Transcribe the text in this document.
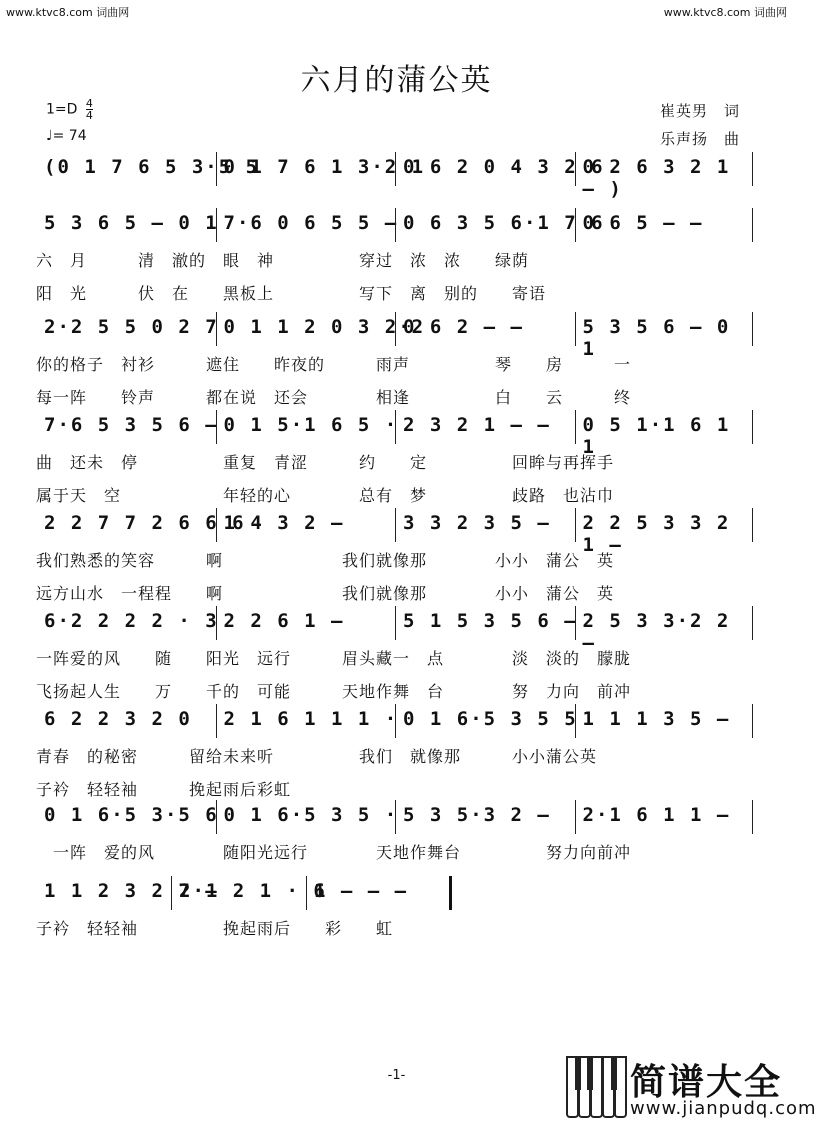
www.ktvc8.com 词曲网	www.ktvc8.com 词曲网
六月的蒲公英
$1=D \frac{4}{4}$
♩= 74
崔英男　词
乐声扬　曲
(0 1 7 6 5 3·5 5
0 1 7 6 1 3·2 1
0 6 2 0 4 3 2 6
0 2 6 3 2 1 – )
5 3 6 5 – 0 1 7·6 0 6 5 5 – 0 6 3 5 6·1 7 6
0 6 5 – –
六　月　　　清　澈的　眼　神　　　　　穿过　浓　浓　　绿荫
阳　光　　　伏　在　　黑板上　　　　　写下　离　别的　　寄语
2·2 5 5 0 2 7 0 1 1 2 0 3 2·2
0 6 2 – –	5 3 5 6 – 0 1
你的格子　衬衫　　　遮住　　昨夜的　　　雨声　　　　　琴　　房　　　一
每一阵　　铃声　　　都在说　还会　　　　相逢　　　　　白　　云　　　终
7·6 5 3 5 6 – 0 1 5·1 6 5 · 2 3 2 1 – – 0 5 1·1 6 1 1
曲　还未　停　　　　　重复　青涩　　　约　　定　　　　　回眸与再挥手
属于天　空　　　　　　年轻的心　　　　总有　梦　　　　　歧路　也沾巾
2 2 7 7 2 6 6 6
1 4 3 2 –	3 3 2 3 5 – 2 2 5 3 3 2 1 –
我们熟悉的笑容　　　啊　　　　　　　我们就像那　　　　小小　蒲公　英
远方山水　一程程　　啊　　　　　　　我们就像那　　　　小小　蒲公　英
6·2 2 2 2 · 3 2 2 6 1 –	5 1 5 3 5 6 – 2 5 3 3·2 2 –
一阵爱的风　　随　　阳光　远行　　　眉头藏一　点　　　　淡　淡的　朦胧
飞扬起人生　　万　　千的　可能　　　天地作舞　台　　　　努　力向　前冲
6 2 2 3 2 0 2 1 6 1 1 1 · 0 1 6·5 3 5 5 1 1 1 3 5 –
青春　的秘密　　　留给未来听　　　　　我们　就像那　　　小小蒲公英
子衿　轻轻袖　　　挽起雨后彩虹
0 1 6·5 3·5 6 0 1 6·5 3 5 · 5 3 5·3 2 – 2·1 6 1 1 –
　一阵　爱的风　　　　随阳光远行　　　　天地作舞台　　　　　努力向前冲
1 1 2 3 2 7 –
2·1 2 1 · 6
1 – – –
子衿　轻轻袖　　　　　挽起雨后　　彩　　虹
-1-	简谱大全
www.jianpudq.com
